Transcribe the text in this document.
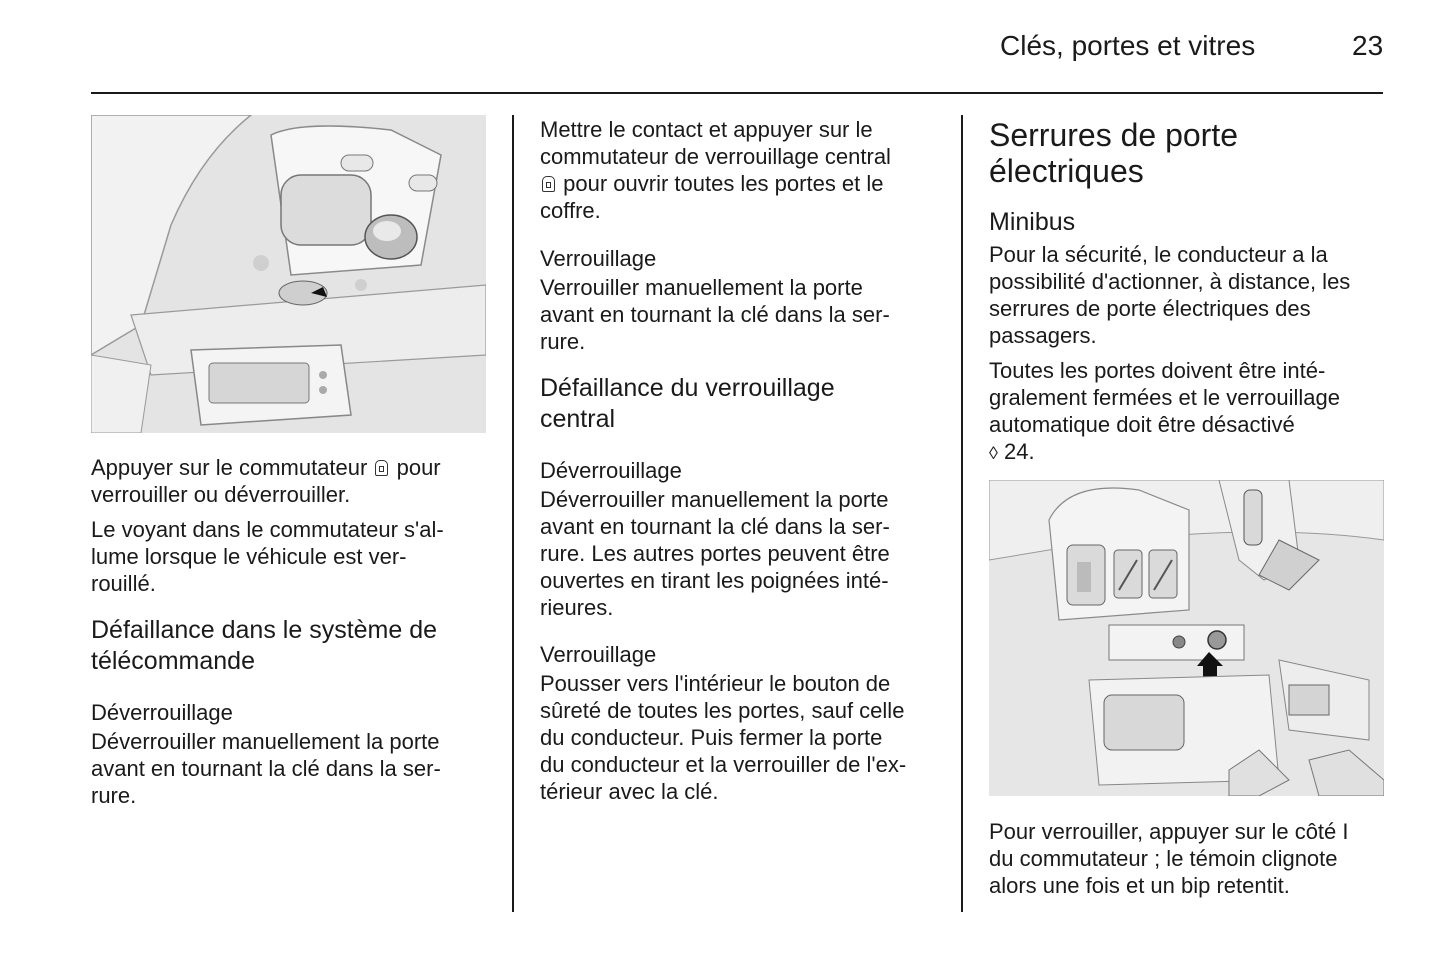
Clés, portes et vitres	23

Appuyer sur le commutateur pour
verrouiller ou déverrouiller.

Le voyant dans le commutateur s'al-
lume lorsque le véhicule est ver-
rouillé.

Défaillance dans le système de
télécommande
Déverrouillage

Déverrouiller manuellement la porte
avant en tournant la clé dans la ser-
rure.

Mettre le contact et appuyer sur le
commutateur de verrouillage central
pour ouvrir toutes les portes et le
coffre.

Verrouillage

Verrouiller manuellement la porte
avant en tournant la clé dans la ser-
rure.

Défaillance du verrouillage
central
Déverrouillage

Déverrouiller manuellement la porte
avant en tournant la clé dans la ser-
rure. Les autres portes peuvent être
ouvertes en tirant les poignées inté-
rieures.

Verrouillage

Pousser vers l'intérieur le bouton de
sûreté de toutes les portes, sauf celle
du conducteur. Puis fermer la porte
du conducteur et la verrouiller de l'ex-
térieur avec la clé.

Serrures de porte
électriques
Minibus

Pour la sécurité, le conducteur a la
possibilité d'actionner, à distance, les
serrures de porte électriques des
passagers.

Toutes les portes doivent être inté-
gralement fermées et le verrouillage
automatique doit être désactivé
◊ 24.

Pour verrouiller, appuyer sur le côté I
du commutateur ; le témoin clignote
alors une fois et un bip retentit.
